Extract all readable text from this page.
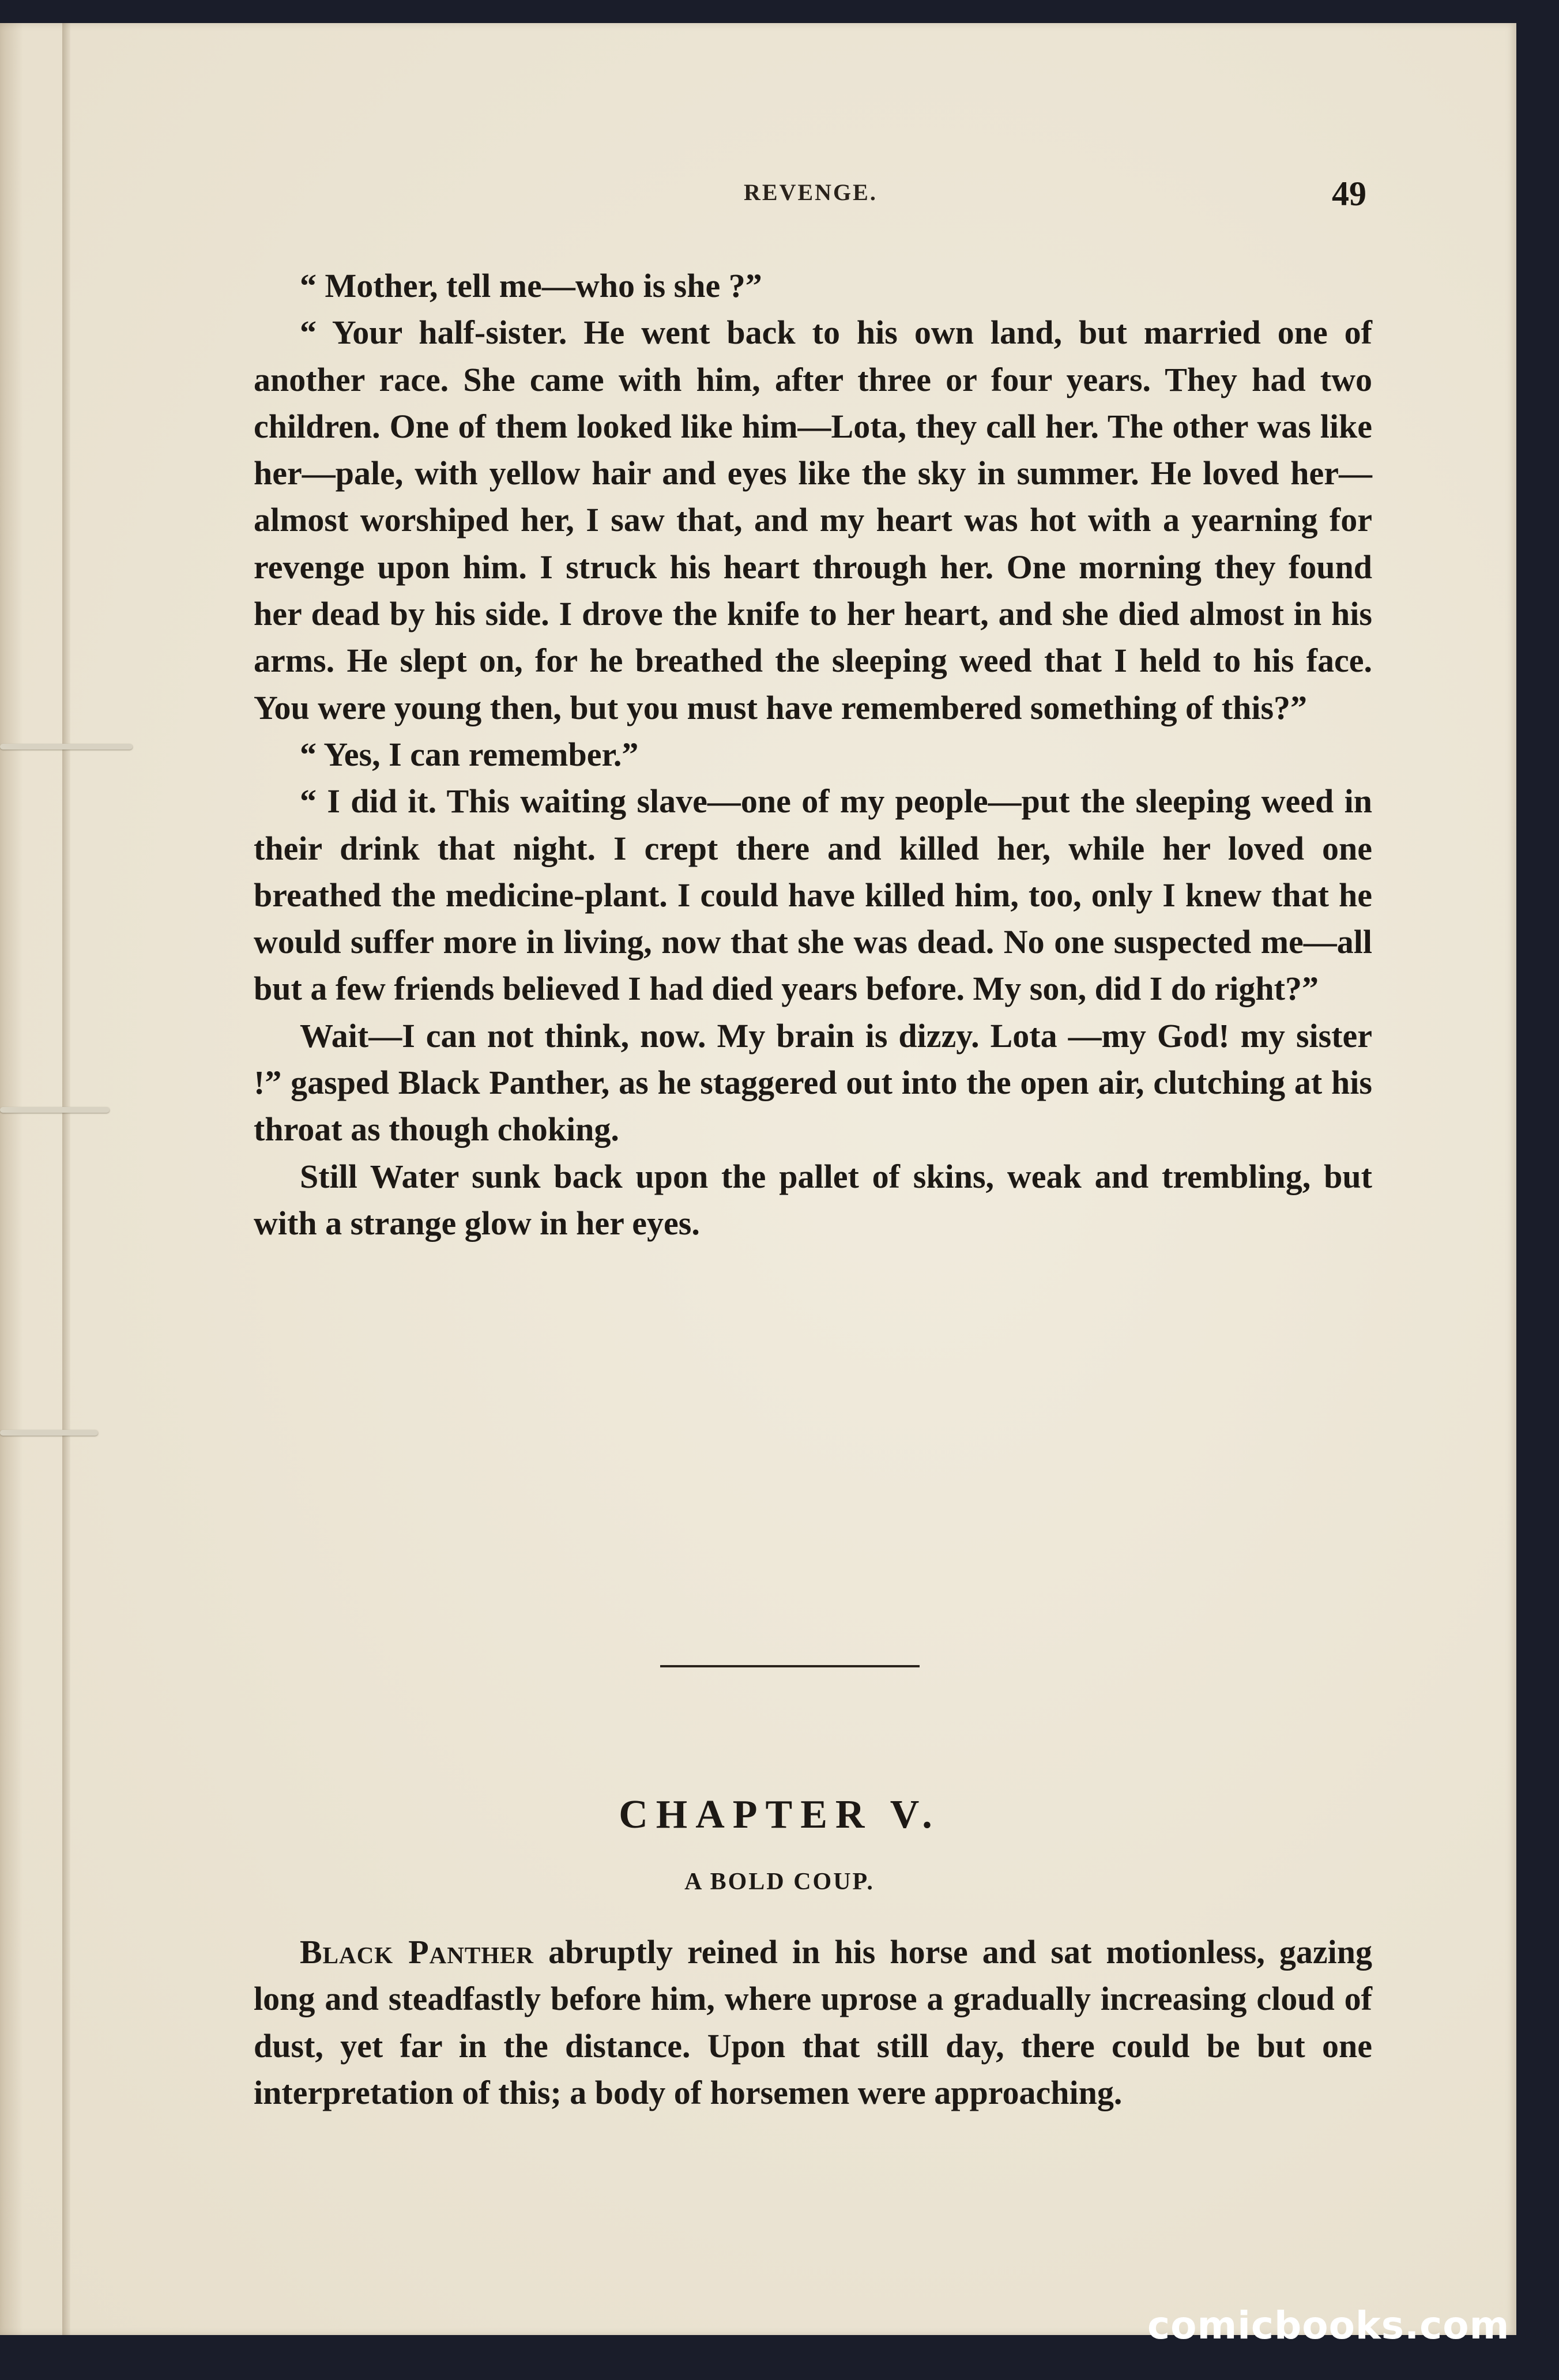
REVENGE.	49

“ Mother, tell me—who is she ?”

“ Your half-sister. He went back to his own land, but married one of another race. She came with him, after three or four years. They had two children. One of them looked like him—Lota, they call her. The other was like her—pale, with yellow hair and eyes like the sky in summer. He loved her—almost worshiped her, I saw that, and my heart was hot with a yearning for revenge upon him. I struck his heart through her. One morning they found her dead by his side. I drove the knife to her heart, and she died almost in his arms. He slept on, for he breathed the sleeping weed that I held to his face. You were young then, but you must have remembered something of this?”

“ Yes, I can remember.”

“ I did it. This waiting slave—one of my people—put the sleeping weed in their drink that night. I crept there and killed her, while her loved one breathed the medicine-plant. I could have killed him, too, only I knew that he would suffer more in living, now that she was dead. No one suspected me—all but a few friends believed I had died years before. My son, did I do right?”

Wait—I can not think, now. My brain is dizzy. Lota —my God! my sister !” gasped Black Panther, as he staggered out into the open air, clutching at his throat as though choking.

Still Water sunk back upon the pallet of skins, weak and trembling, but with a strange glow in her eyes.

CHAPTER V.
A BOLD COUP.

Black Panther abruptly reined in his horse and sat motionless, gazing long and steadfastly before him, where uprose a gradually increasing cloud of dust, yet far in the distance. Upon that still day, there could be but one interpretation of this; a body of horsemen were approaching.

comicbooks.com
